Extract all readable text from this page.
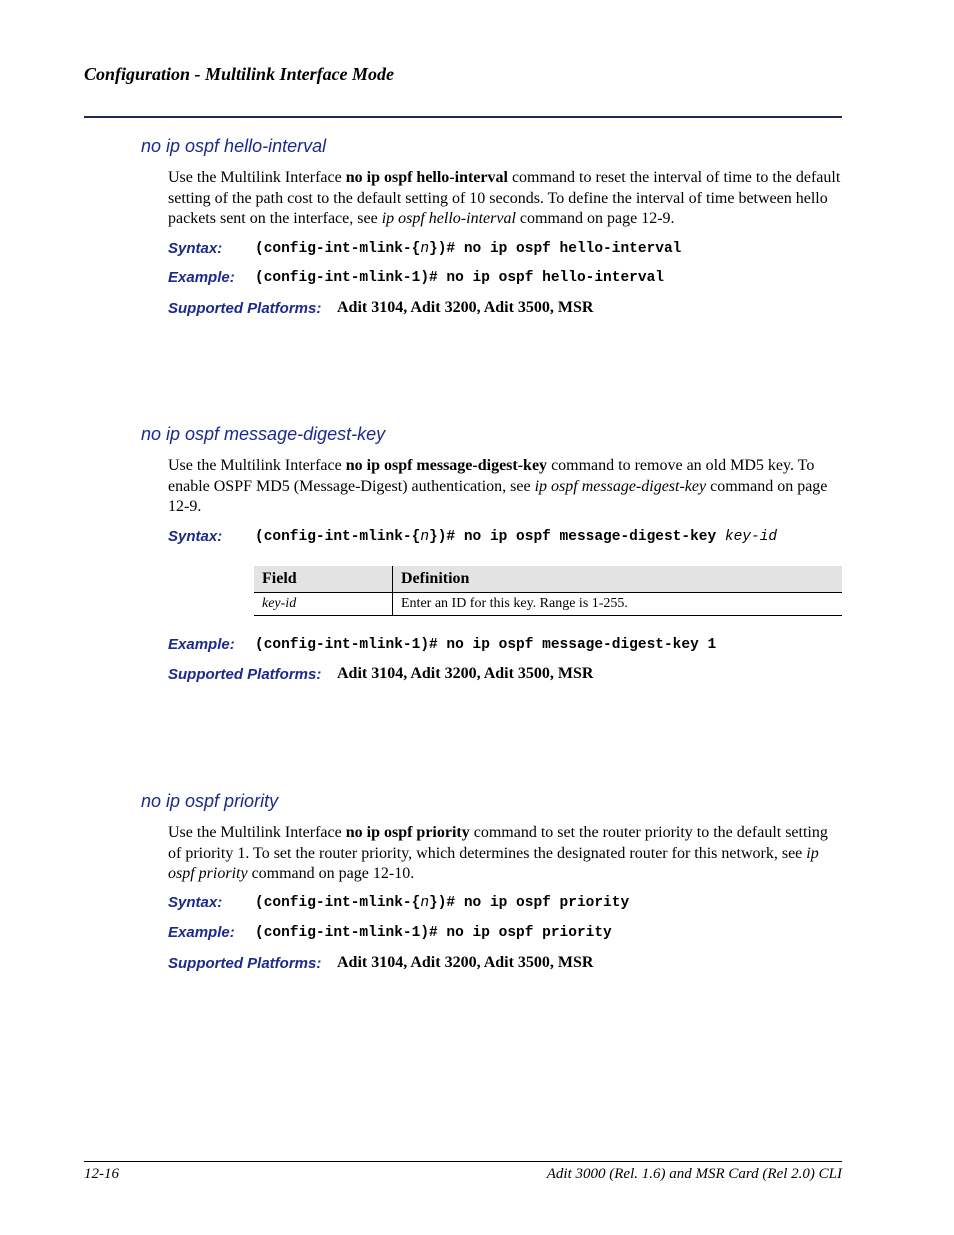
Configuration - Multilink Interface Mode
no ip ospf hello-interval
Use the Multilink Interface no ip ospf hello-interval command to reset the interval of time to the default setting of the path cost to the default setting of 10 seconds. To define the interval of time between hello packets sent on the interface, see ip ospf hello-interval command on page 12-9.
Syntax: (config-int-mlink-{n})# no ip ospf hello-interval
Example: (config-int-mlink-1)# no ip ospf hello-interval
Supported Platforms: Adit 3104, Adit 3200, Adit 3500, MSR
no ip ospf message-digest-key
Use the Multilink Interface no ip ospf message-digest-key command to remove an old MD5 key. To enable OSPF MD5 (Message-Digest) authentication, see ip ospf message-digest-key command on page 12-9.
Syntax: (config-int-mlink-{n})# no ip ospf message-digest-key key-id
Field	Definition
key-id	Enter an ID for this key. Range is 1-255.
Example: (config-int-mlink-1)# no ip ospf message-digest-key 1
Supported Platforms: Adit 3104, Adit 3200, Adit 3500, MSR
no ip ospf priority
Use the Multilink Interface no ip ospf priority command to set the router priority to the default setting of priority 1. To set the router priority, which determines the designated router for this network, see ip ospf priority command on page 12-10.
Syntax: (config-int-mlink-{n})# no ip ospf priority
Example: (config-int-mlink-1)# no ip ospf priority
Supported Platforms: Adit 3104, Adit 3200, Adit 3500, MSR
12-16	Adit 3000 (Rel. 1.6) and MSR Card (Rel 2.0) CLI
